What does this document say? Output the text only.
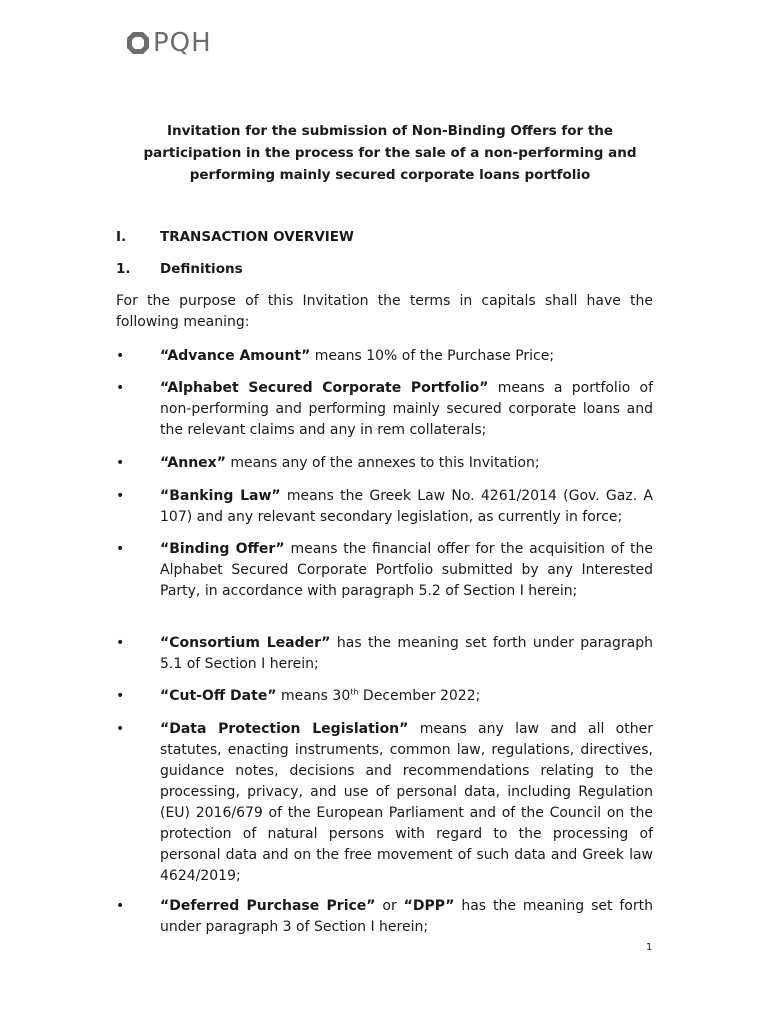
PQH
Invitation for the submission of Non-Binding Offers for the participation in the process for the sale of a non-performing and performing mainly secured corporate loans portfolio
I.	TRANSACTION OVERVIEW
1. Definitions
For the purpose of this Invitation the terms in capitals shall have the following meaning:
•	“Advance Amount” means 10% of the Purchase Price;
•	“Alphabet Secured Corporate Portfolio” means a portfolio of non-performing and performing mainly secured corporate loans and the relevant claims and any in rem collaterals;
•	“Annex” means any of the annexes to this Invitation;
•	“Banking Law” means the Greek Law No. 4261/2014 (Gov. Gaz. A 107) and any relevant secondary legislation, as currently in force;
•	“Binding Offer” means the financial offer for the acquisition of the Alphabet Secured Corporate Portfolio submitted by any Interested Party, in accordance with paragraph 5.2 of Section I herein;
•	“Consortium Leader” has the meaning set forth under paragraph 5.1 of Section I herein;
•	“Cut-Off Date” means 30th December 2022;
•	“Data Protection Legislation” means any law and all other statutes, enacting instruments, common law, regulations, directives, guidance notes, decisions and recommendations relating to the processing, privacy, and use of personal data, including Regulation (EU) 2016/679 of the European Parliament and of the Council on the protection of natural persons with regard to the processing of personal data and on the free movement of such data and Greek law 4624/2019;
•	“Deferred Purchase Price” or “DPP” has the meaning set forth under paragraph 3 of Section I herein;
1
